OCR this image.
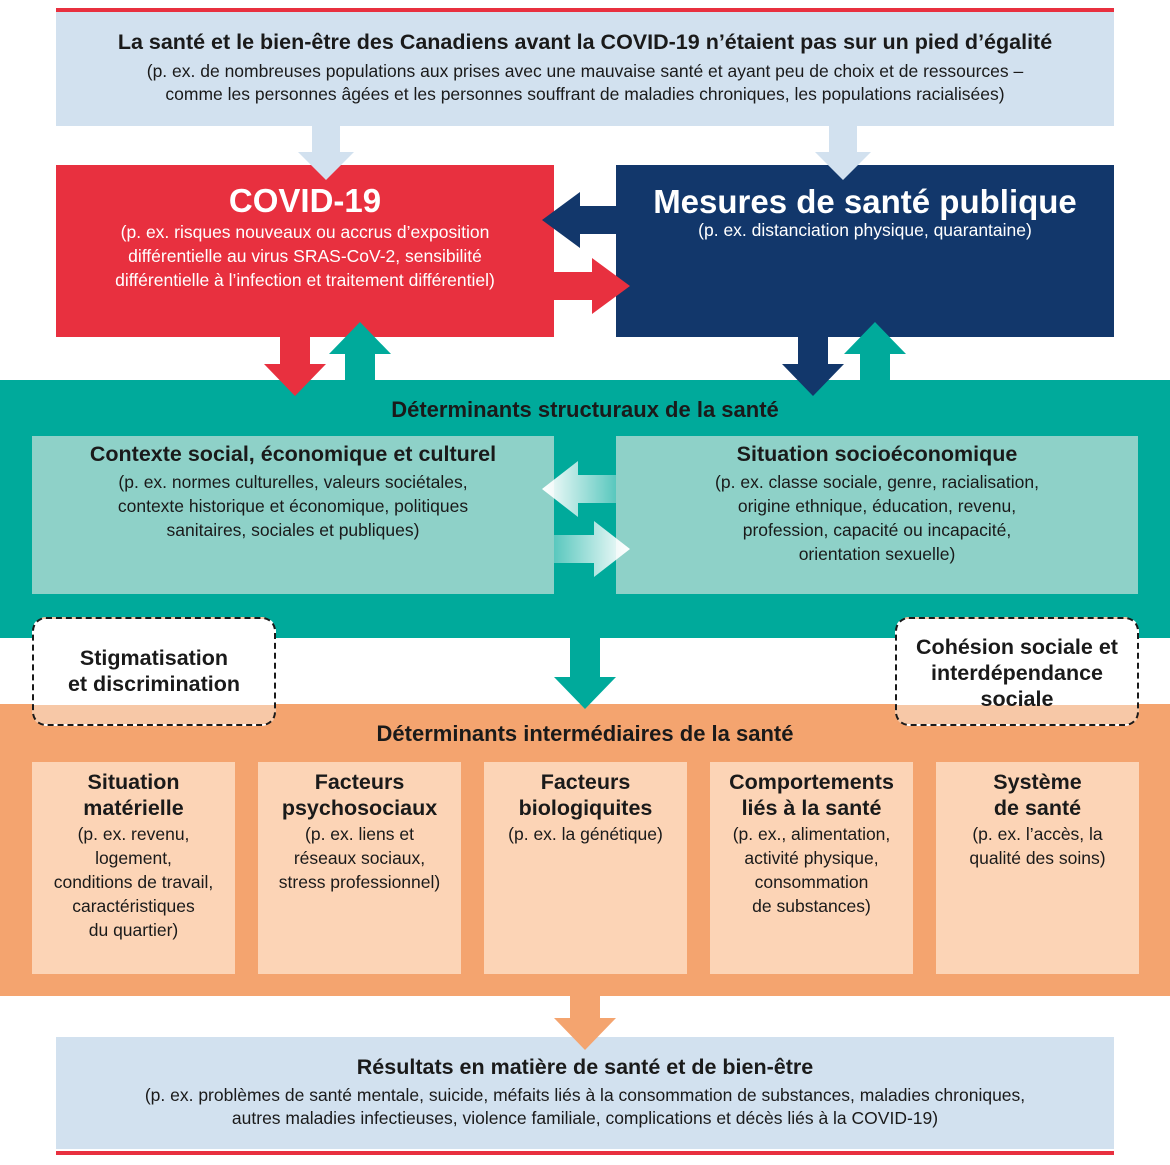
La santé et le bien-être des Canadiens avant la COVID-19 n’étaient pas sur un pied d’égalité
(p. ex. de nombreuses populations aux prises avec une mauvaise santé et ayant peu de choix et de ressources –
comme les personnes âgées et les personnes souffrant de maladies chroniques, les populations racialisées)
COVID-19
(p. ex. risques nouveaux ou accrus d’exposition
différentielle au virus SRAS-CoV-2, sensibilité
différentielle à l’infection et traitement différentiel)
Mesures de santé publique
(p. ex. distanciation physique, quarantaine)
Déterminants structuraux de la santé
Contexte social, économique et culturel
(p. ex. normes culturelles, valeurs sociétales,
contexte historique et économique, politiques
sanitaires, sociales et publiques)
Situation socioéconomique
(p. ex. classe sociale, genre, racialisation,
origine ethnique, éducation, revenu,
profession, capacité ou incapacité,
orientation sexuelle)
Stigmatisation
et discrimination
Cohésion sociale et
interdépendance
sociale
Déterminants intermédiaires de la santé
Situation
matérielle
(p. ex. revenu,
logement,
conditions de travail,
caractéristiques
du quartier)
Facteurs
psychosociaux
(p. ex. liens et
réseaux sociaux,
stress professionnel)
Facteurs
biologiquites
(p. ex. la génétique)
Comportements
liés à la santé
(p. ex., alimentation,
activité physique,
consommation
de substances)
Système
de santé
(p. ex. l’accès, la
qualité des soins)
Résultats en matière de santé et de bien-être
(p. ex. problèmes de santé mentale, suicide, méfaits liés à la consommation de substances, maladies chroniques,
autres maladies infectieuses, violence familiale, complications et décès liés à la COVID-19)
